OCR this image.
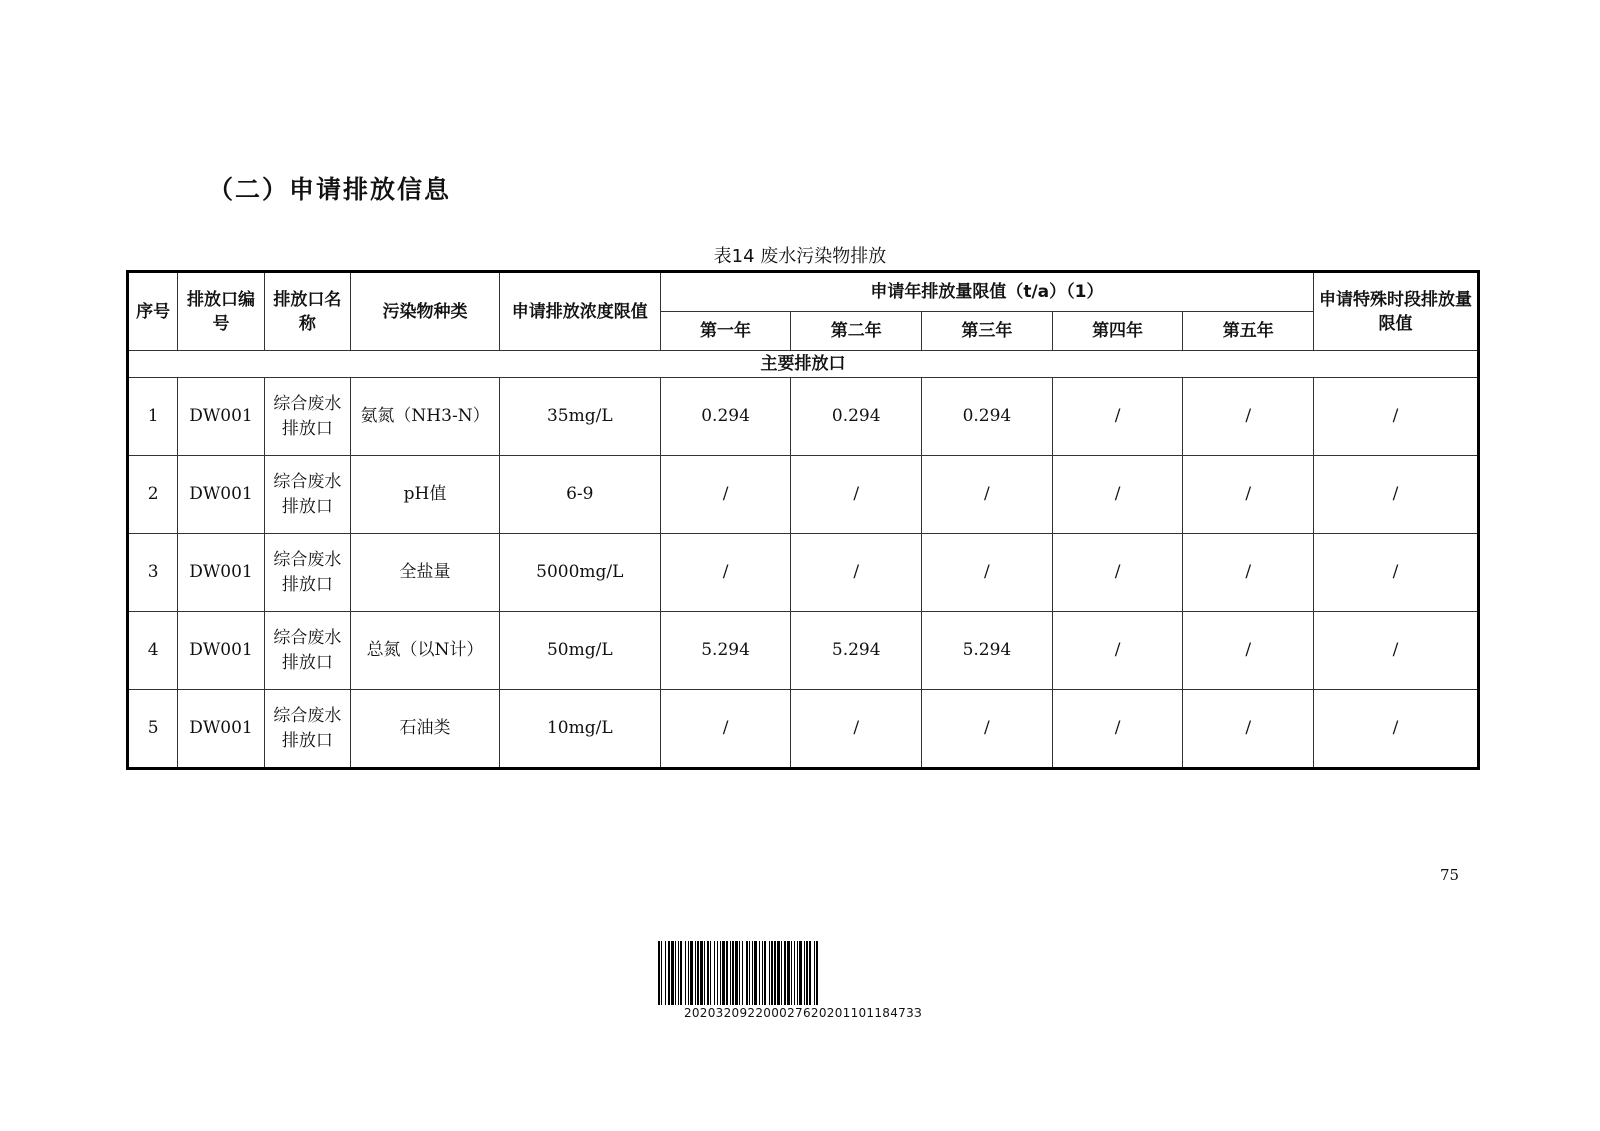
（二）申请排放信息
表14 废水污染物排放
序号	排放口编号	排放口名称	污染物种类	申请排放浓度限值	申请年排放量限值（t/a）（1）					申请特殊时段排放量限值
					第一年	第二年	第三年	第四年	第五年	
主要排放口										
1	DW001	综合废水排放口	氨氮（NH3-N）	35mg/L	0.294	0.294	0.294	/	/	/
2	DW001	综合废水排放口	pH值	6-9	/	/	/	/	/	/
3	DW001	综合废水排放口	全盐量	5000mg/L	/	/	/	/	/	/
4	DW001	综合废水排放口	总氮（以N计）	50mg/L	5.294	5.294	5.294	/	/	/
5	DW001	综合废水排放口	石油类	10mg/L	/	/	/	/	/	/
75
20203209220002762020110118473З
